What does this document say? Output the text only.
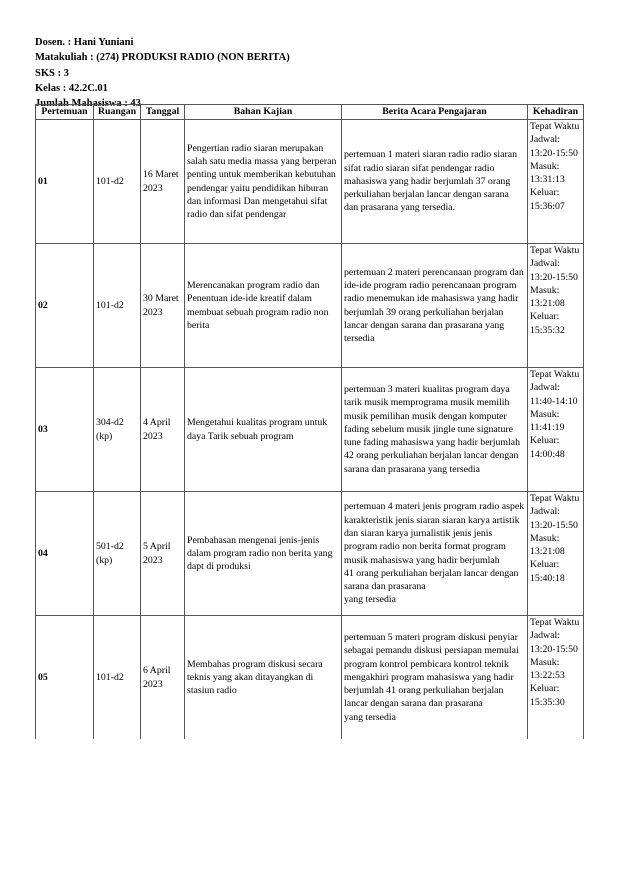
Dosen. : Hani Yuniani
Matakuliah : (274) PRODUKSI RADIO (NON BERITA)
SKS : 3
Kelas : 42.2C.01
Jumlah Mahasiswa : 43
Pertemuan	Ruangan	Tanggal	Bahan Kajian	Berita Acara Pengajaran	Kehadiran
01	101-d2	16 Maret 2023	Pengertian radio siaran merupakan salah satu media massa yang berperan penting untuk memberikan kebutuhan pendengar yaitu pendidikan hiburan dan informasi Dan mengetahui sifat radio dan sifat pendengar	pertemuan 1 materi siaran radio radio siaran sifat radio siaran sifat pendengar radio mahasiswa yang hadir berjumlah 37 orang perkuliahan berjalan lancar dengan sarana dan prasarana yang tersedia.	Tepat Waktu Jadwal: 13:20-15:50 Masuk: 13:31:13 Keluar: 15:36:07
02	101-d2	30 Maret 2023	Merencanakan program radio dan Penentuan ide-ide kreatif dalam membuat sebuah program radio non berita	pertemuan 2 materi perencanaan program dan ide-ide program radio perencanaan program radio menemukan ide mahasiswa yang hadir berjumlah 39 orang perkuliahan berjalan lancar dengan sarana dan prasarana yang tersedia	Tepat Waktu Jadwal: 13:20-15:50 Masuk: 13:21:08 Keluar: 15:35:32
03	304-d2 (kp)	4 April 2023	Mengetahui kualitas program untuk daya Tarik sebuah program	pertemuan 3 materi kualitas program daya tarik musik memprograma musik memilih musik pemilihan musik dengan komputer fading sebelum musik jingle tune signature tune fading mahasiswa yang hadir berjumlah 42 orang perkuliahan berjalan lancar dengan sarana dan prasarana yang tersedia	Tepat Waktu Jadwal: 11:40-14:10 Masuk: 11:41:19 Keluar: 14:00:48
04	501-d2 (kp)	5 April 2023	Pembahasan mengenai jenis-jenis dalam program radio non berita yang dapt di produksi	pertemuan 4 materi jenis program radio aspek karakteristik jenis siaran siaran karya artistik dan siaran karya jurnalistik jenis jenis program radio non berita format program musik mahasiswa yang hadir berjumlah
41 orang perkuliahan berjalan lancar dengan sarana dan prasarana
yang tersedia	Tepat Waktu Jadwal: 13:20-15:50 Masuk: 13:21:08 Keluar: 15:40:18
05	101-d2	6 April 2023	Membahas program diskusi secara teknis yang akan ditayangkan di stasiun radio	pertemuan 5 materi program diskusi penyiar sebagai pemandu diskusi persiapan memulai program kontrol pembicara kontrol teknik mengakhiri program mahasiswa yang hadir berjumlah 41 orang perkuliahan berjalan
lancar dengan sarana dan prasarana
yang tersedia	Tepat Waktu Jadwal: 13:20-15:50 Masuk: 13:22:53 Keluar: 15:35:30
